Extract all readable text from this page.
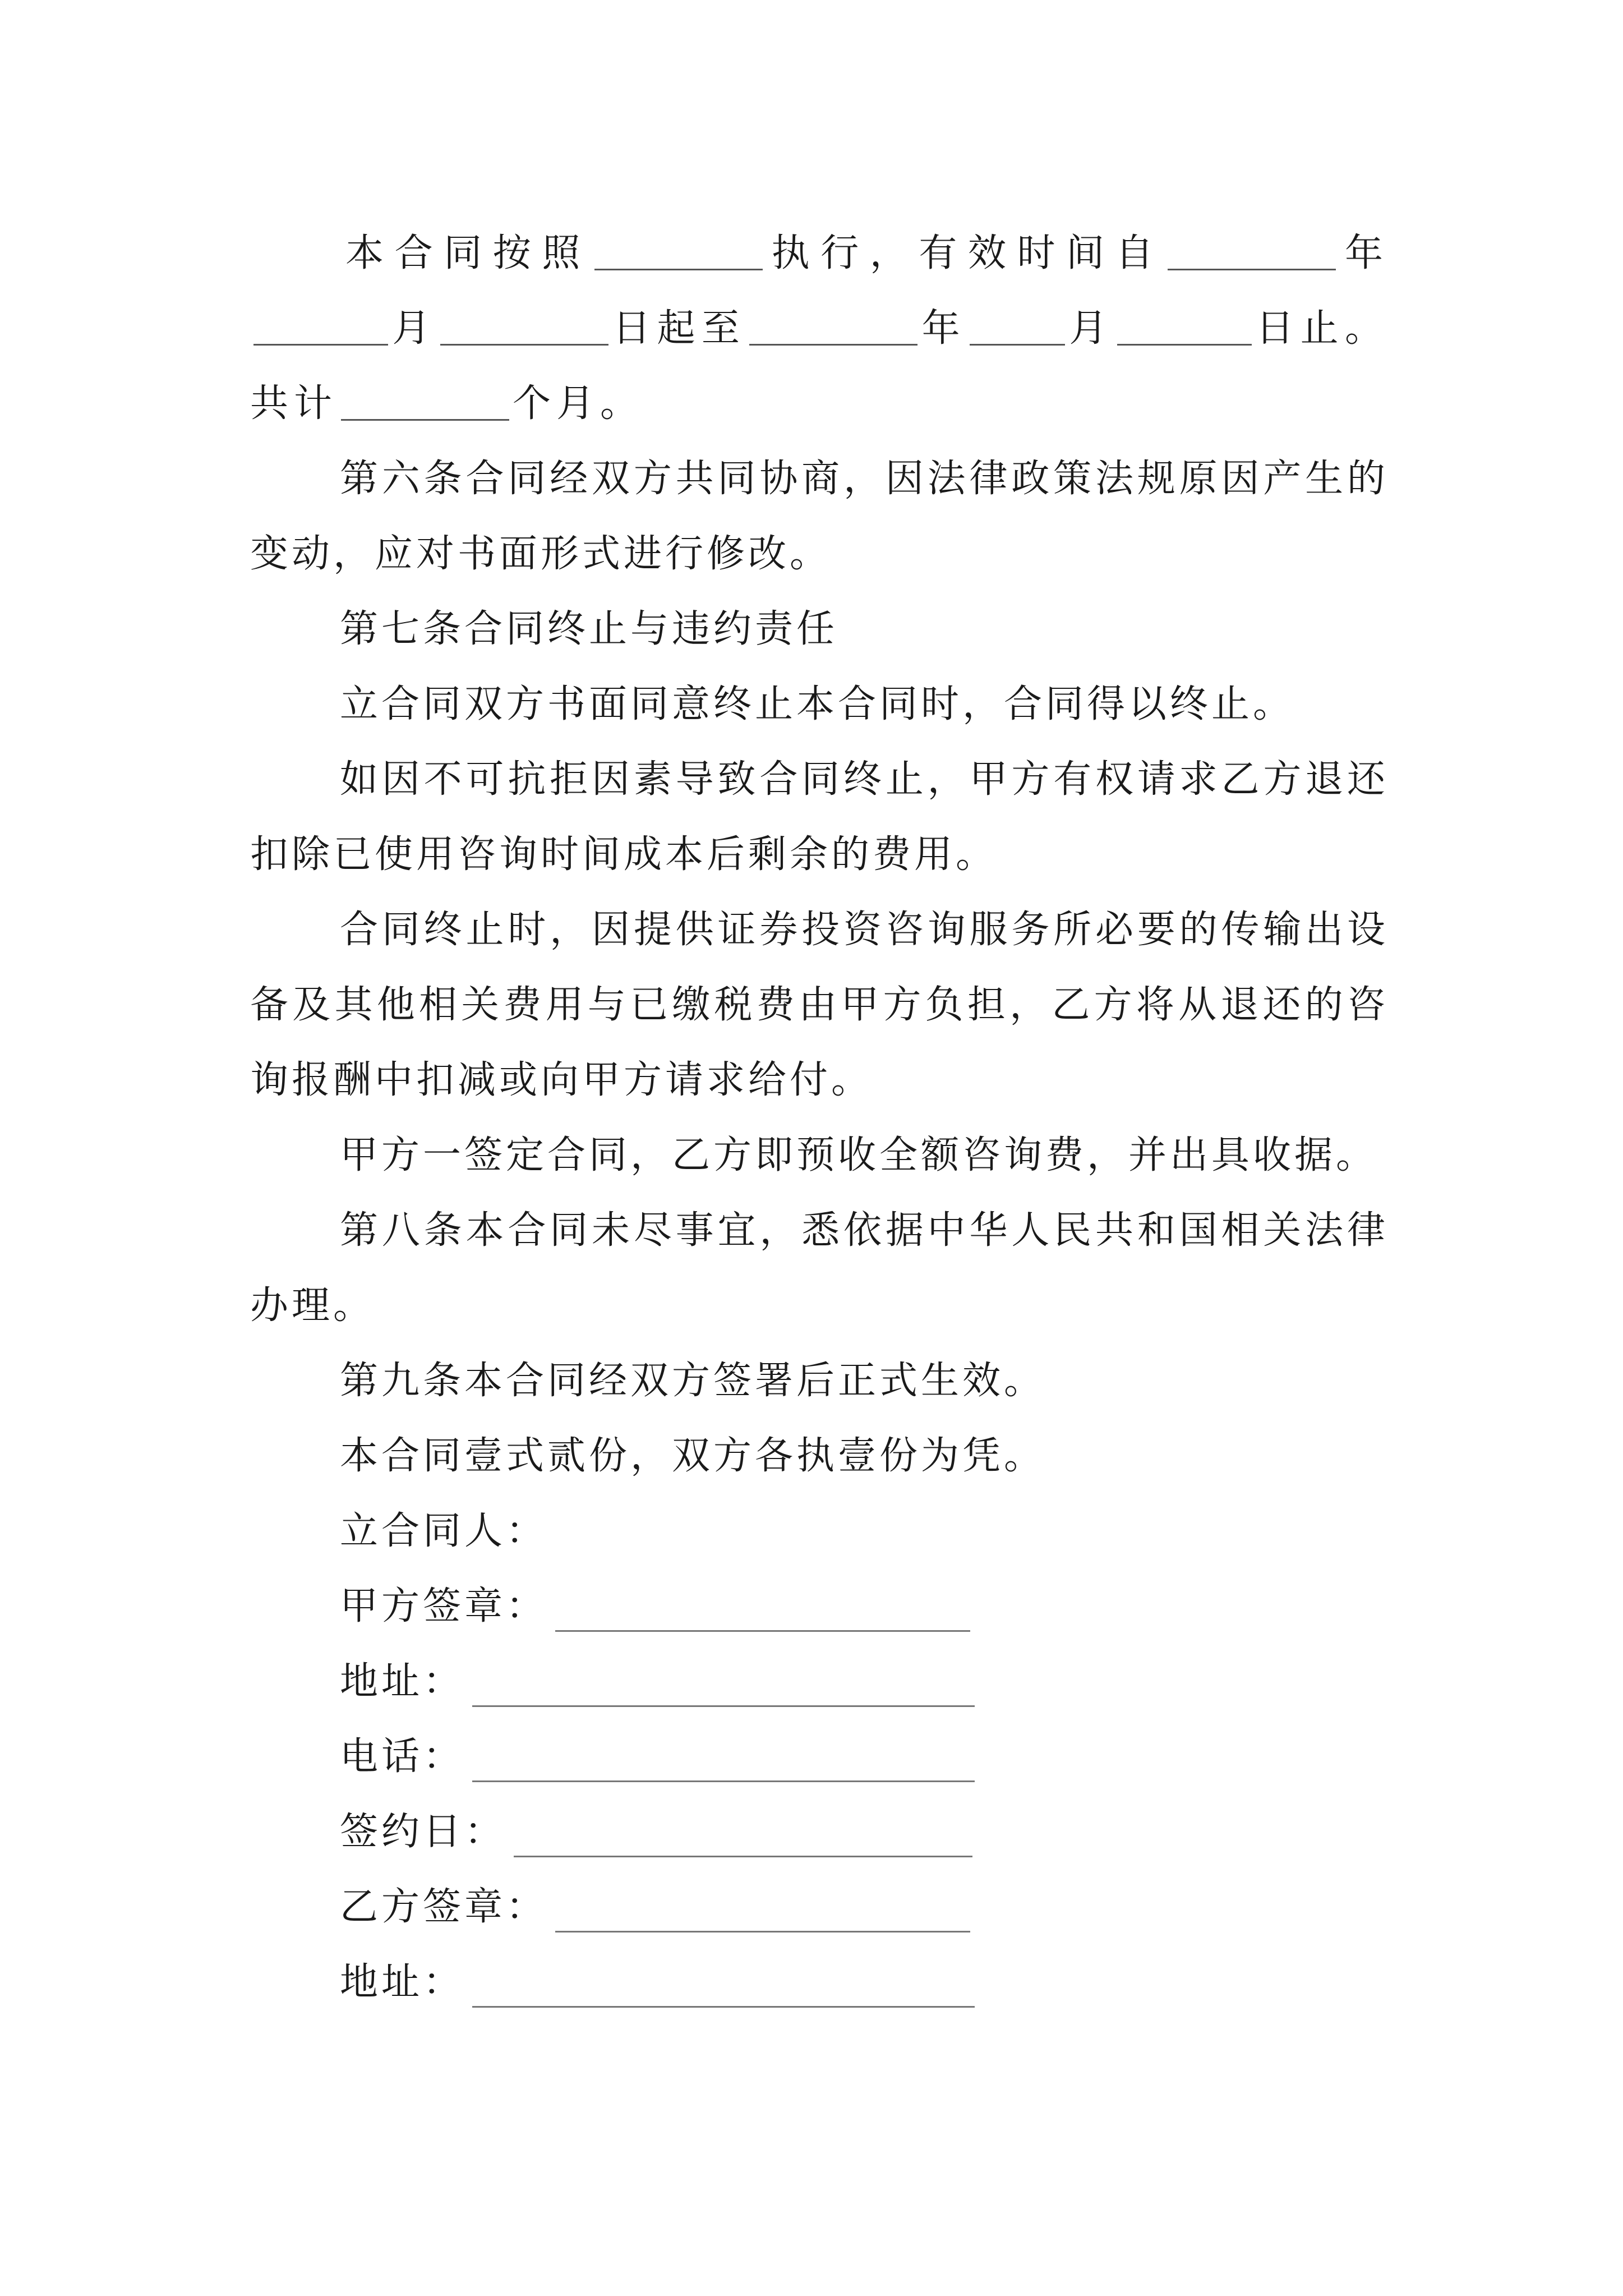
本合同按照	执行，有效时间自	年月	日起至	年	月	日止。共计	个月。

第六条合同经双方共同协商，因法律政策法规原因产生的变动，应对书面形式进行修改。

第七条合同终止与违约责任

立合同双方书面同意终止本合同时，合同得以终止。

如因不可抗拒因素导致合同终止，甲方有权请求乙方退还扣除已使用咨询时间成本后剩余的费用。

合同终止时，因提供证券投资咨询服务所必要的传输出设备及其他相关费用与已缴税费由甲方负担，乙方将从退还的咨询报酬中扣减或向甲方请求给付。

甲方一签定合同，乙方即预收全额咨询费，并出具收据。

第八条本合同未尽事宜，悉依据中华人民共和国相关法律办理。

第九条本合同经双方签署后正式生效。

本合同壹式贰份，双方各执壹份为凭。

立合同人：

甲方签章：
地址：
电话：
签约日：
乙方签章：
地址：
